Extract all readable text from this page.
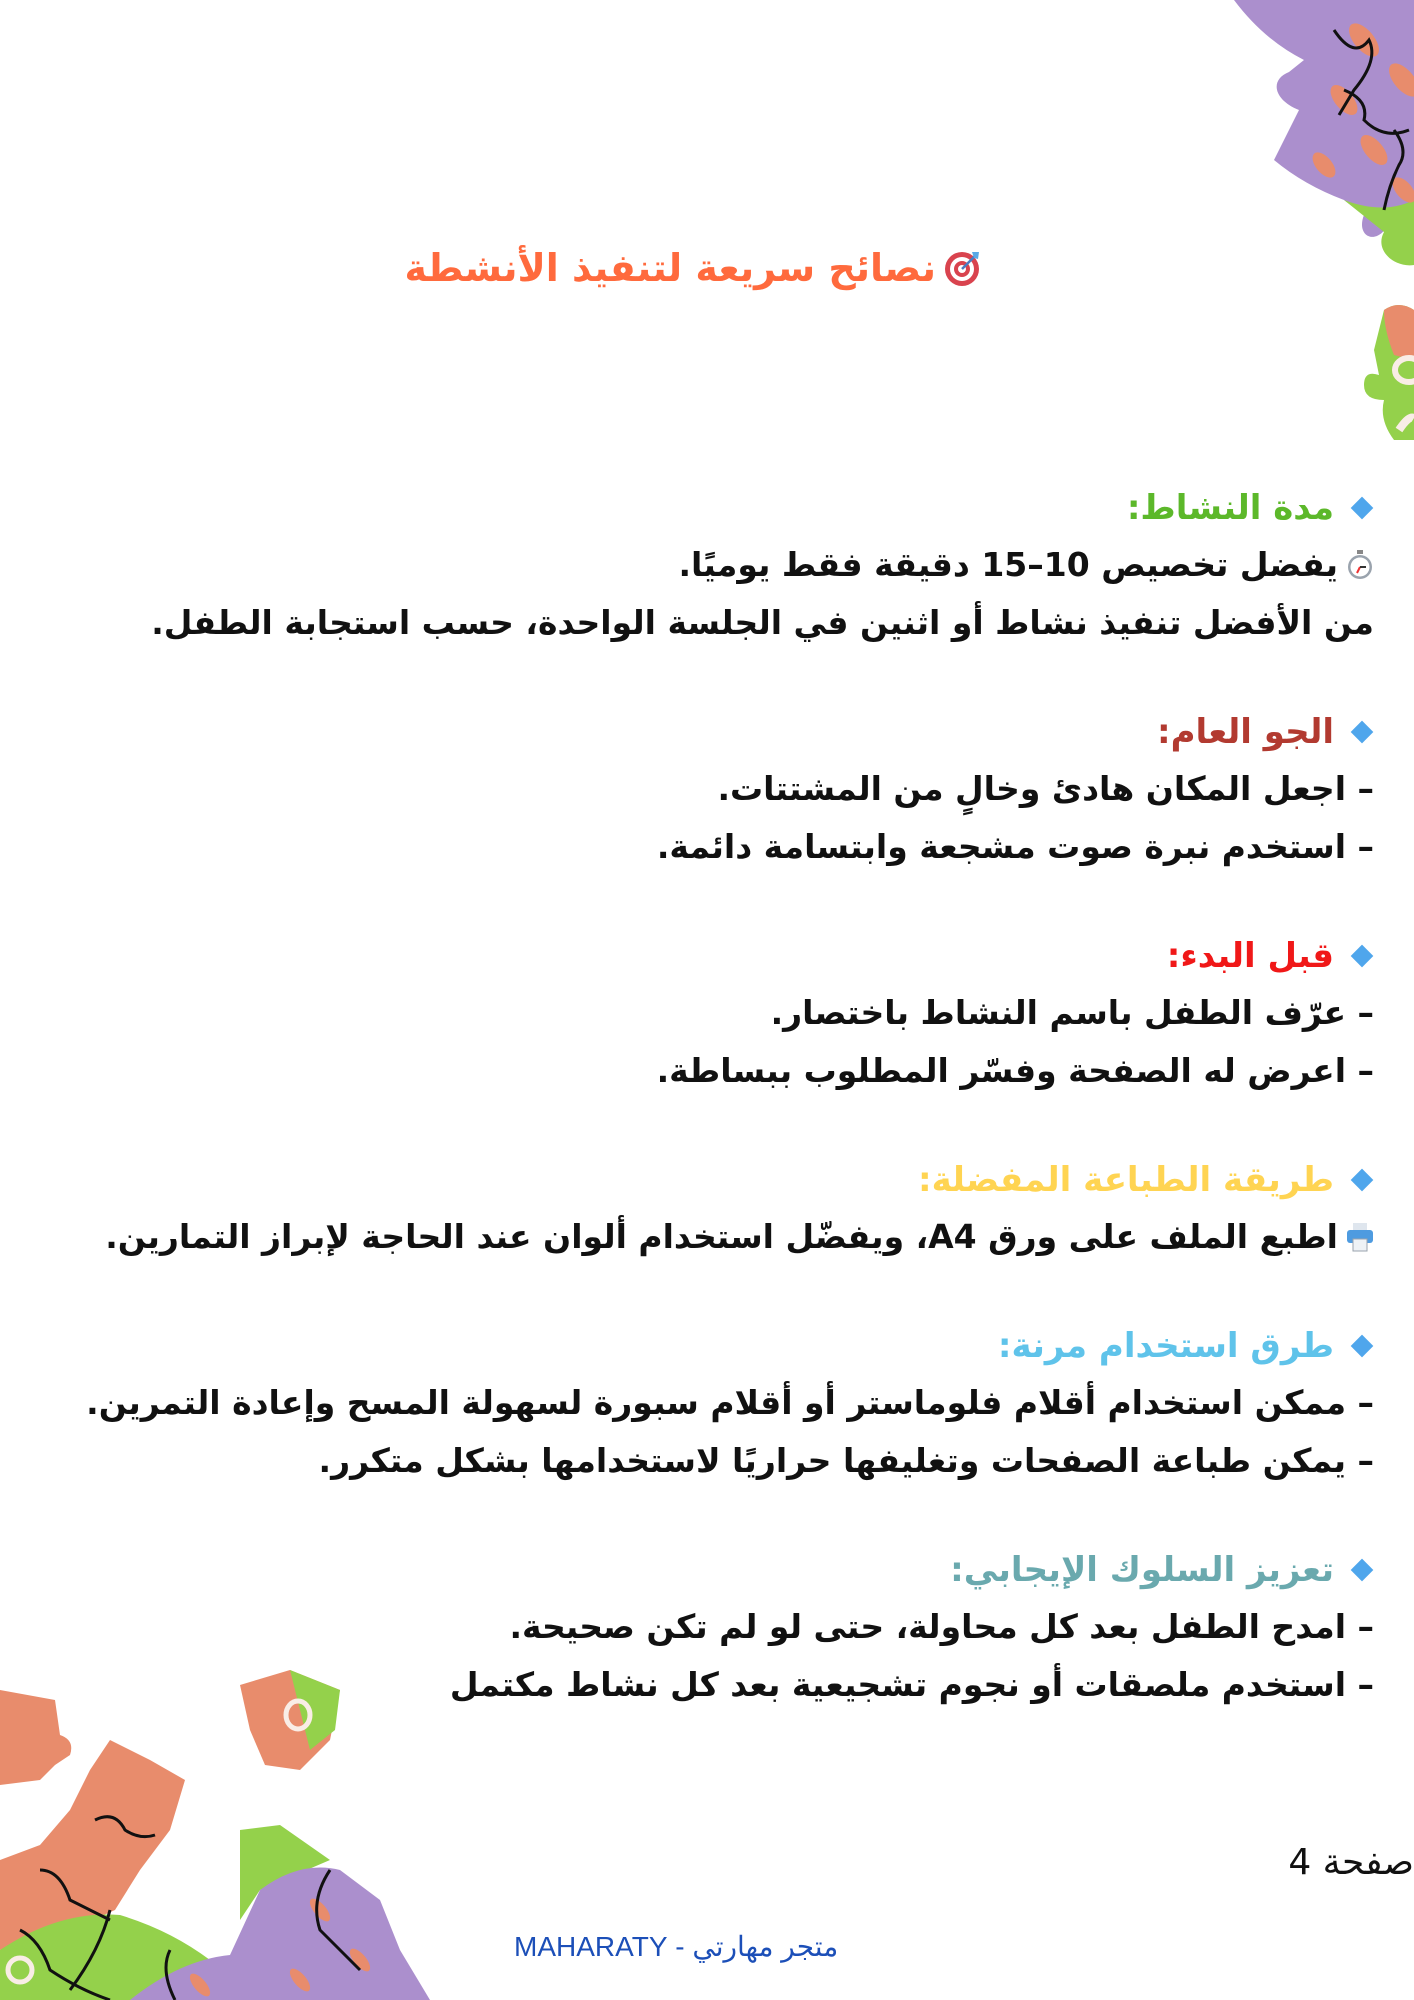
نصائح سريعة لتنفيذ الأنشطة
مدة النشاط:
يفضل تخصيص 10–15 دقيقة فقط يوميًا.
من الأفضل تنفيذ نشاط أو اثنين في الجلسة الواحدة، حسب استجابة الطفل.
الجو العام:
– اجعل المكان هادئ وخالٍ من المشتتات.
– استخدم نبرة صوت مشجعة وابتسامة دائمة.
قبل البدء:
– عرّف الطفل باسم النشاط باختصار.
– اعرض له الصفحة وفسّر المطلوب ببساطة.
طريقة الطباعة المفضلة:
اطبع الملف على ورق A4، ويفضّل استخدام ألوان عند الحاجة لإبراز التمارين.
طرق استخدام مرنة:
– ممكن استخدام أقلام فلوماستر أو أقلام سبورة لسهولة المسح وإعادة التمرين.
– يمكن طباعة الصفحات وتغليفها حراريًا لاستخدامها بشكل متكرر.
تعزيز السلوك الإيجابي:
– امدح الطفل بعد كل محاولة، حتى لو لم تكن صحيحة.
– استخدم ملصقات أو نجوم تشجيعية بعد كل نشاط مكتمل
صفحة 4
متجر مهارتي - MAHARATY
